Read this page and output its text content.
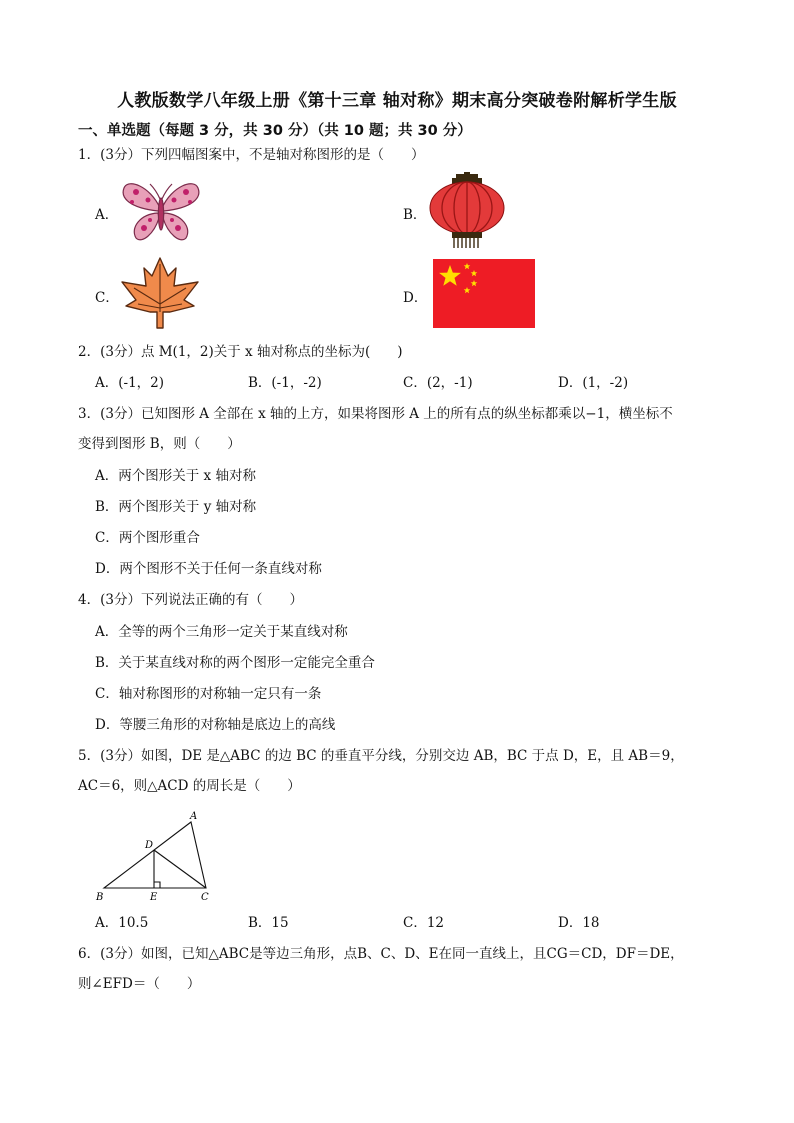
人教版数学八年级上册《第十三章 轴对称》期末高分突破卷附解析学生版
一、单选题（每题 3 分，共 30 分）（共 10 题；共 30 分）
1．(3分）下列四幅图案中，不是轴对称图形的是（　　）
A．	B．
C．	D．
2．(3分）点 M(1，2)关于 x 轴对称点的坐标为(　　)
A．(-1，2)	B．(-1，-2)	C．(2，-1)	D．(1，-2)
3．(3分）已知图形 A 全部在 x 轴的上方，如果将图形 A 上的所有点的纵坐标都乘以−1，横坐标不
变得到图形 B，则（　　）
A．两个图形关于 x 轴对称
B．两个图形关于 y 轴对称
C．两个图形重合
D．两个图形不关于任何一条直线对称
4．(3分）下列说法正确的有（　　）
A．全等的两个三角形一定关于某直线对称
B．关于某直线对称的两个图形一定能完全重合
C．轴对称图形的对称轴一定只有一条
D．等腰三角形的对称轴是底边上的高线
5．(3分）如图，DE 是△ABC 的边 BC 的垂直平分线，分别交边 AB，BC 于点 D，E，且 AB＝9，
AC＝6，则△ACD 的周长是（　　）
A
D
B	E	C
A．10.5	B．15	C．12	D．18
6．(3分）如图，已知△ABC是等边三角形，点B、C、D、E在同一直线上，且CG＝CD，DF＝DE，
则∠EFD＝（　　）
